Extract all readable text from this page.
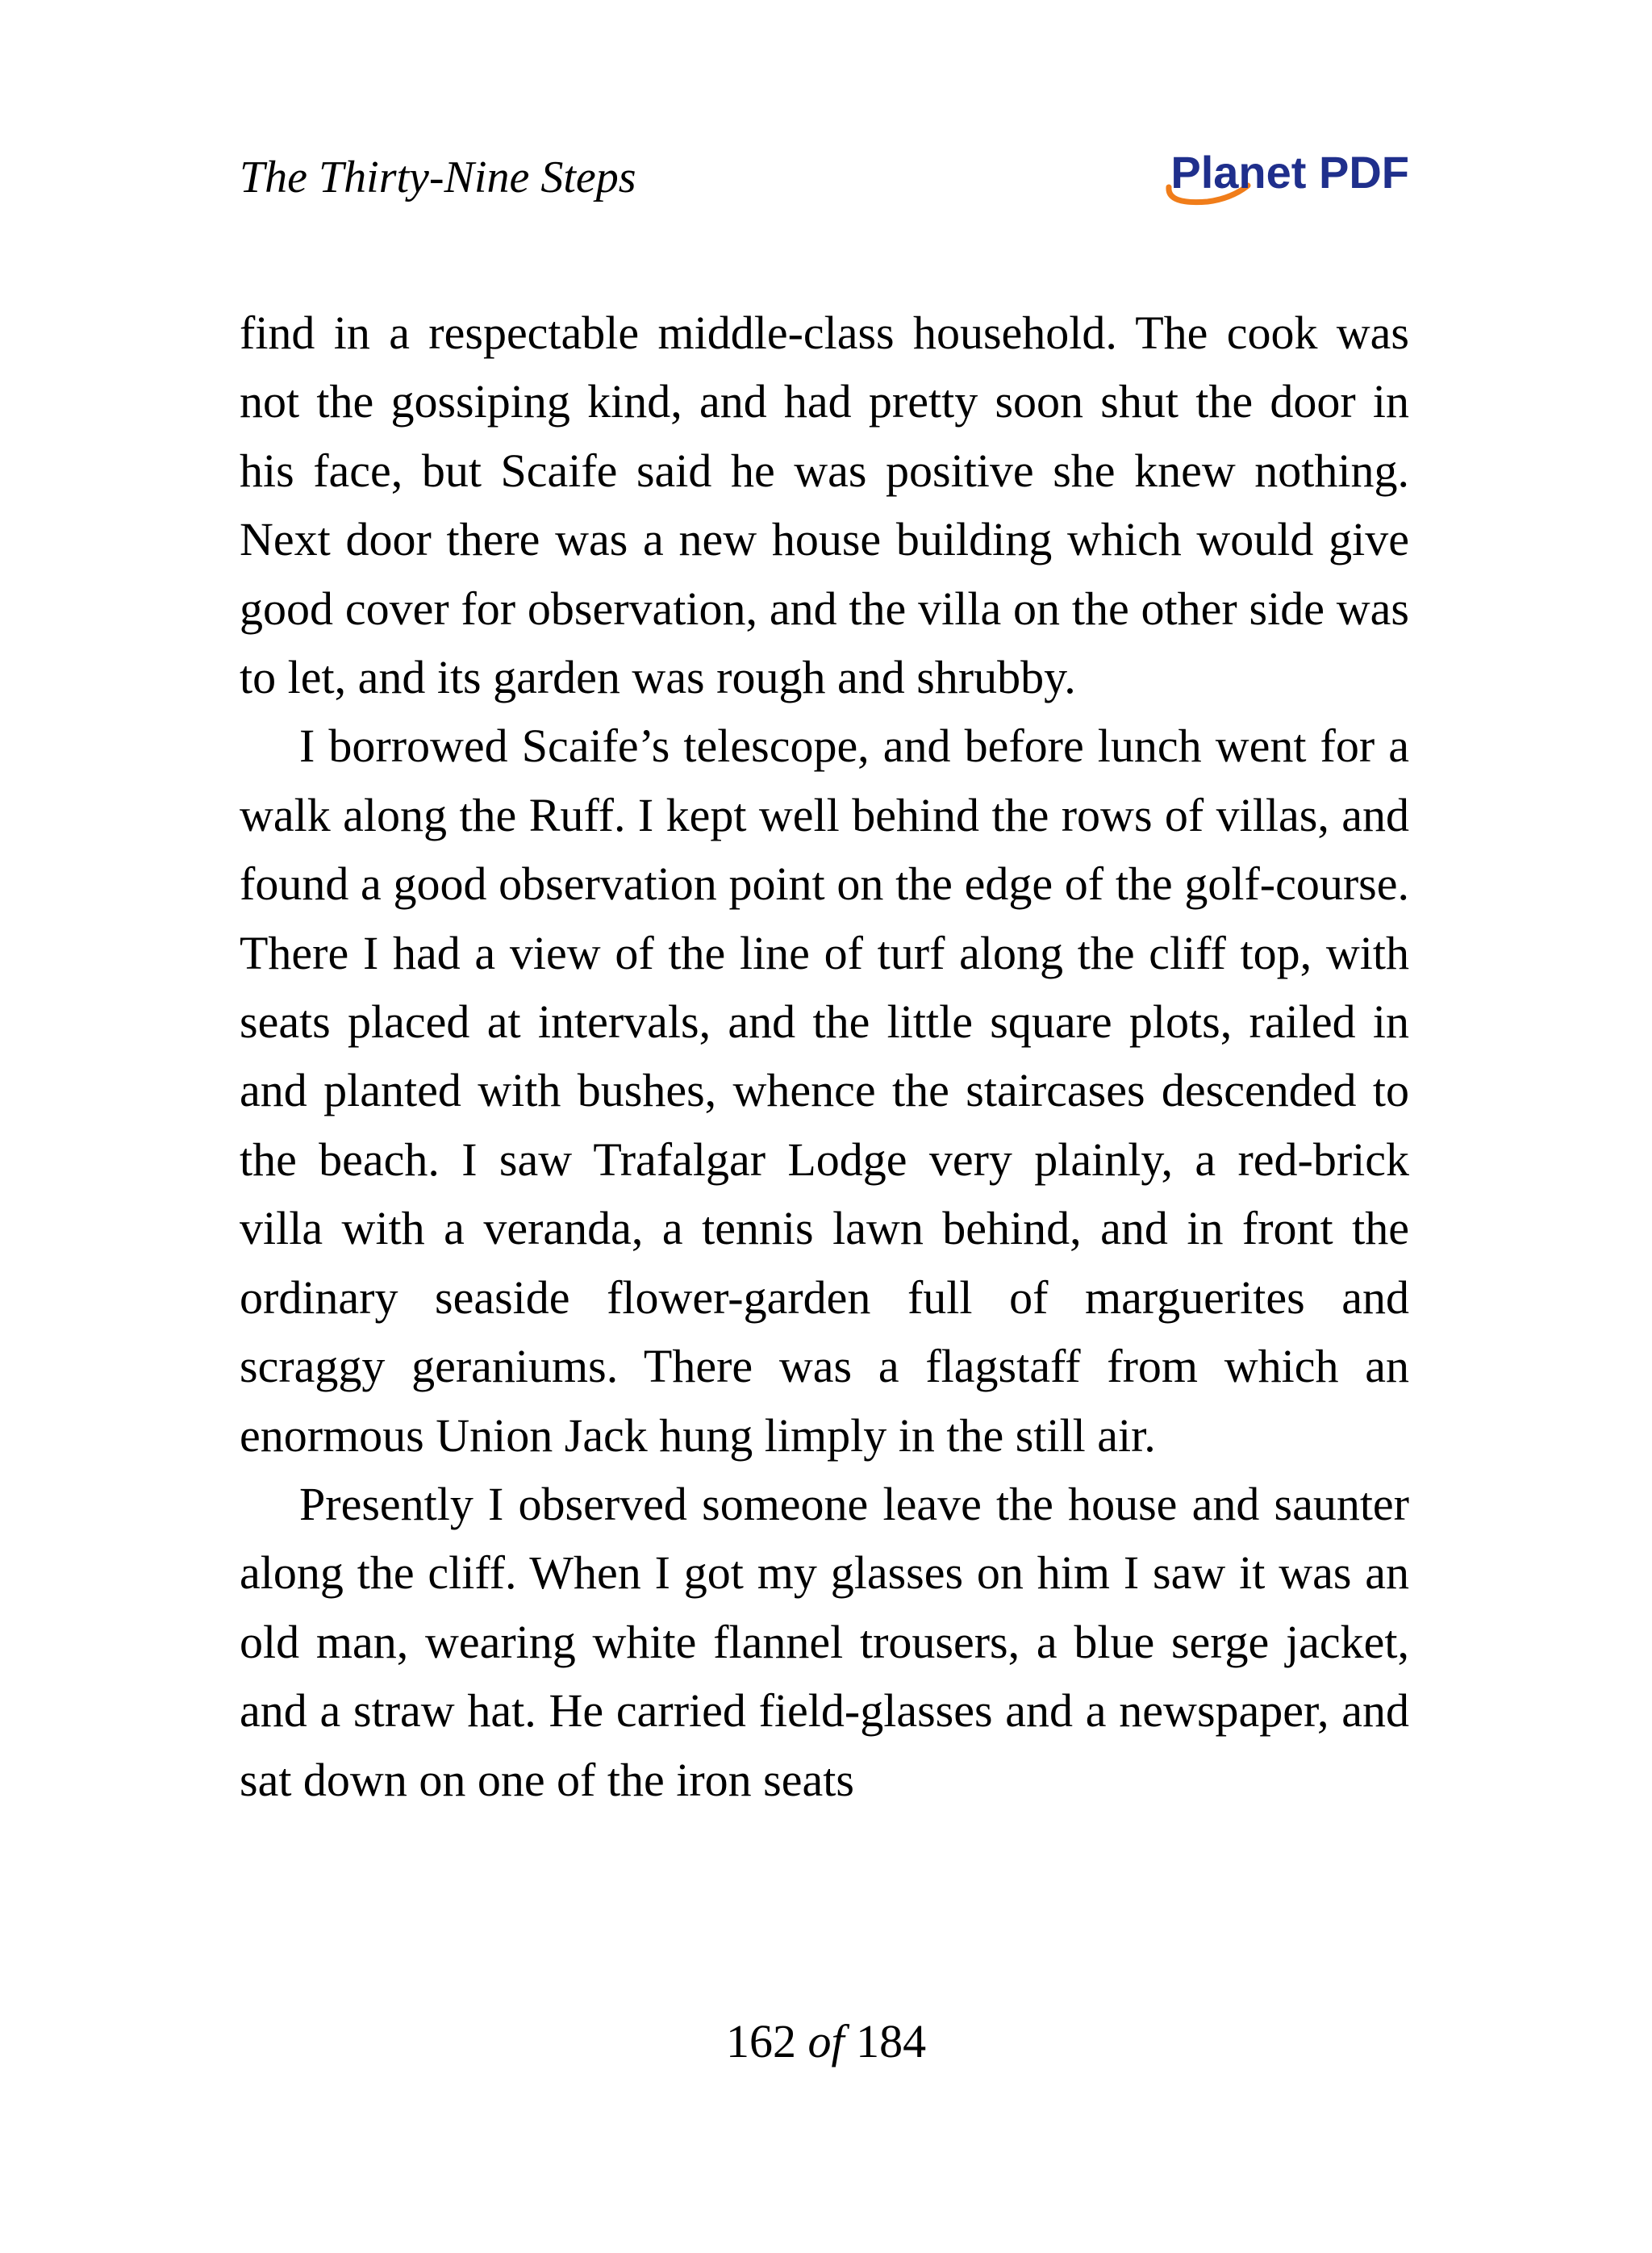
The Thirty-Nine Steps	Planet PDF

find in a respectable middle-class household. The cook was not the gossiping kind, and had pretty soon shut the door in his face, but Scaife said he was positive she knew nothing. Next door there was a new house building which would give good cover for observation, and the villa on the other side was to let, and its garden was rough and shrubby.

I borrowed Scaife’s telescope, and before lunch went for a walk along the Ruff. I kept well behind the rows of villas, and found a good observation point on the edge of the golf-course. There I had a view of the line of turf along the cliff top, with seats placed at intervals, and the little square plots, railed in and planted with bushes, whence the staircases descended to the beach. I saw Trafalgar Lodge very plainly, a red-brick villa with a veranda, a tennis lawn behind, and in front the ordinary seaside flower-garden full of marguerites and scraggy geraniums. There was a flagstaff from which an enormous Union Jack hung limply in the still air.

Presently I observed someone leave the house and saunter along the cliff. When I got my glasses on him I saw it was an old man, wearing white flannel trousers, a blue serge jacket, and a straw hat. He carried field-glasses and a newspaper, and sat down on one of the iron seats

162 of 184
